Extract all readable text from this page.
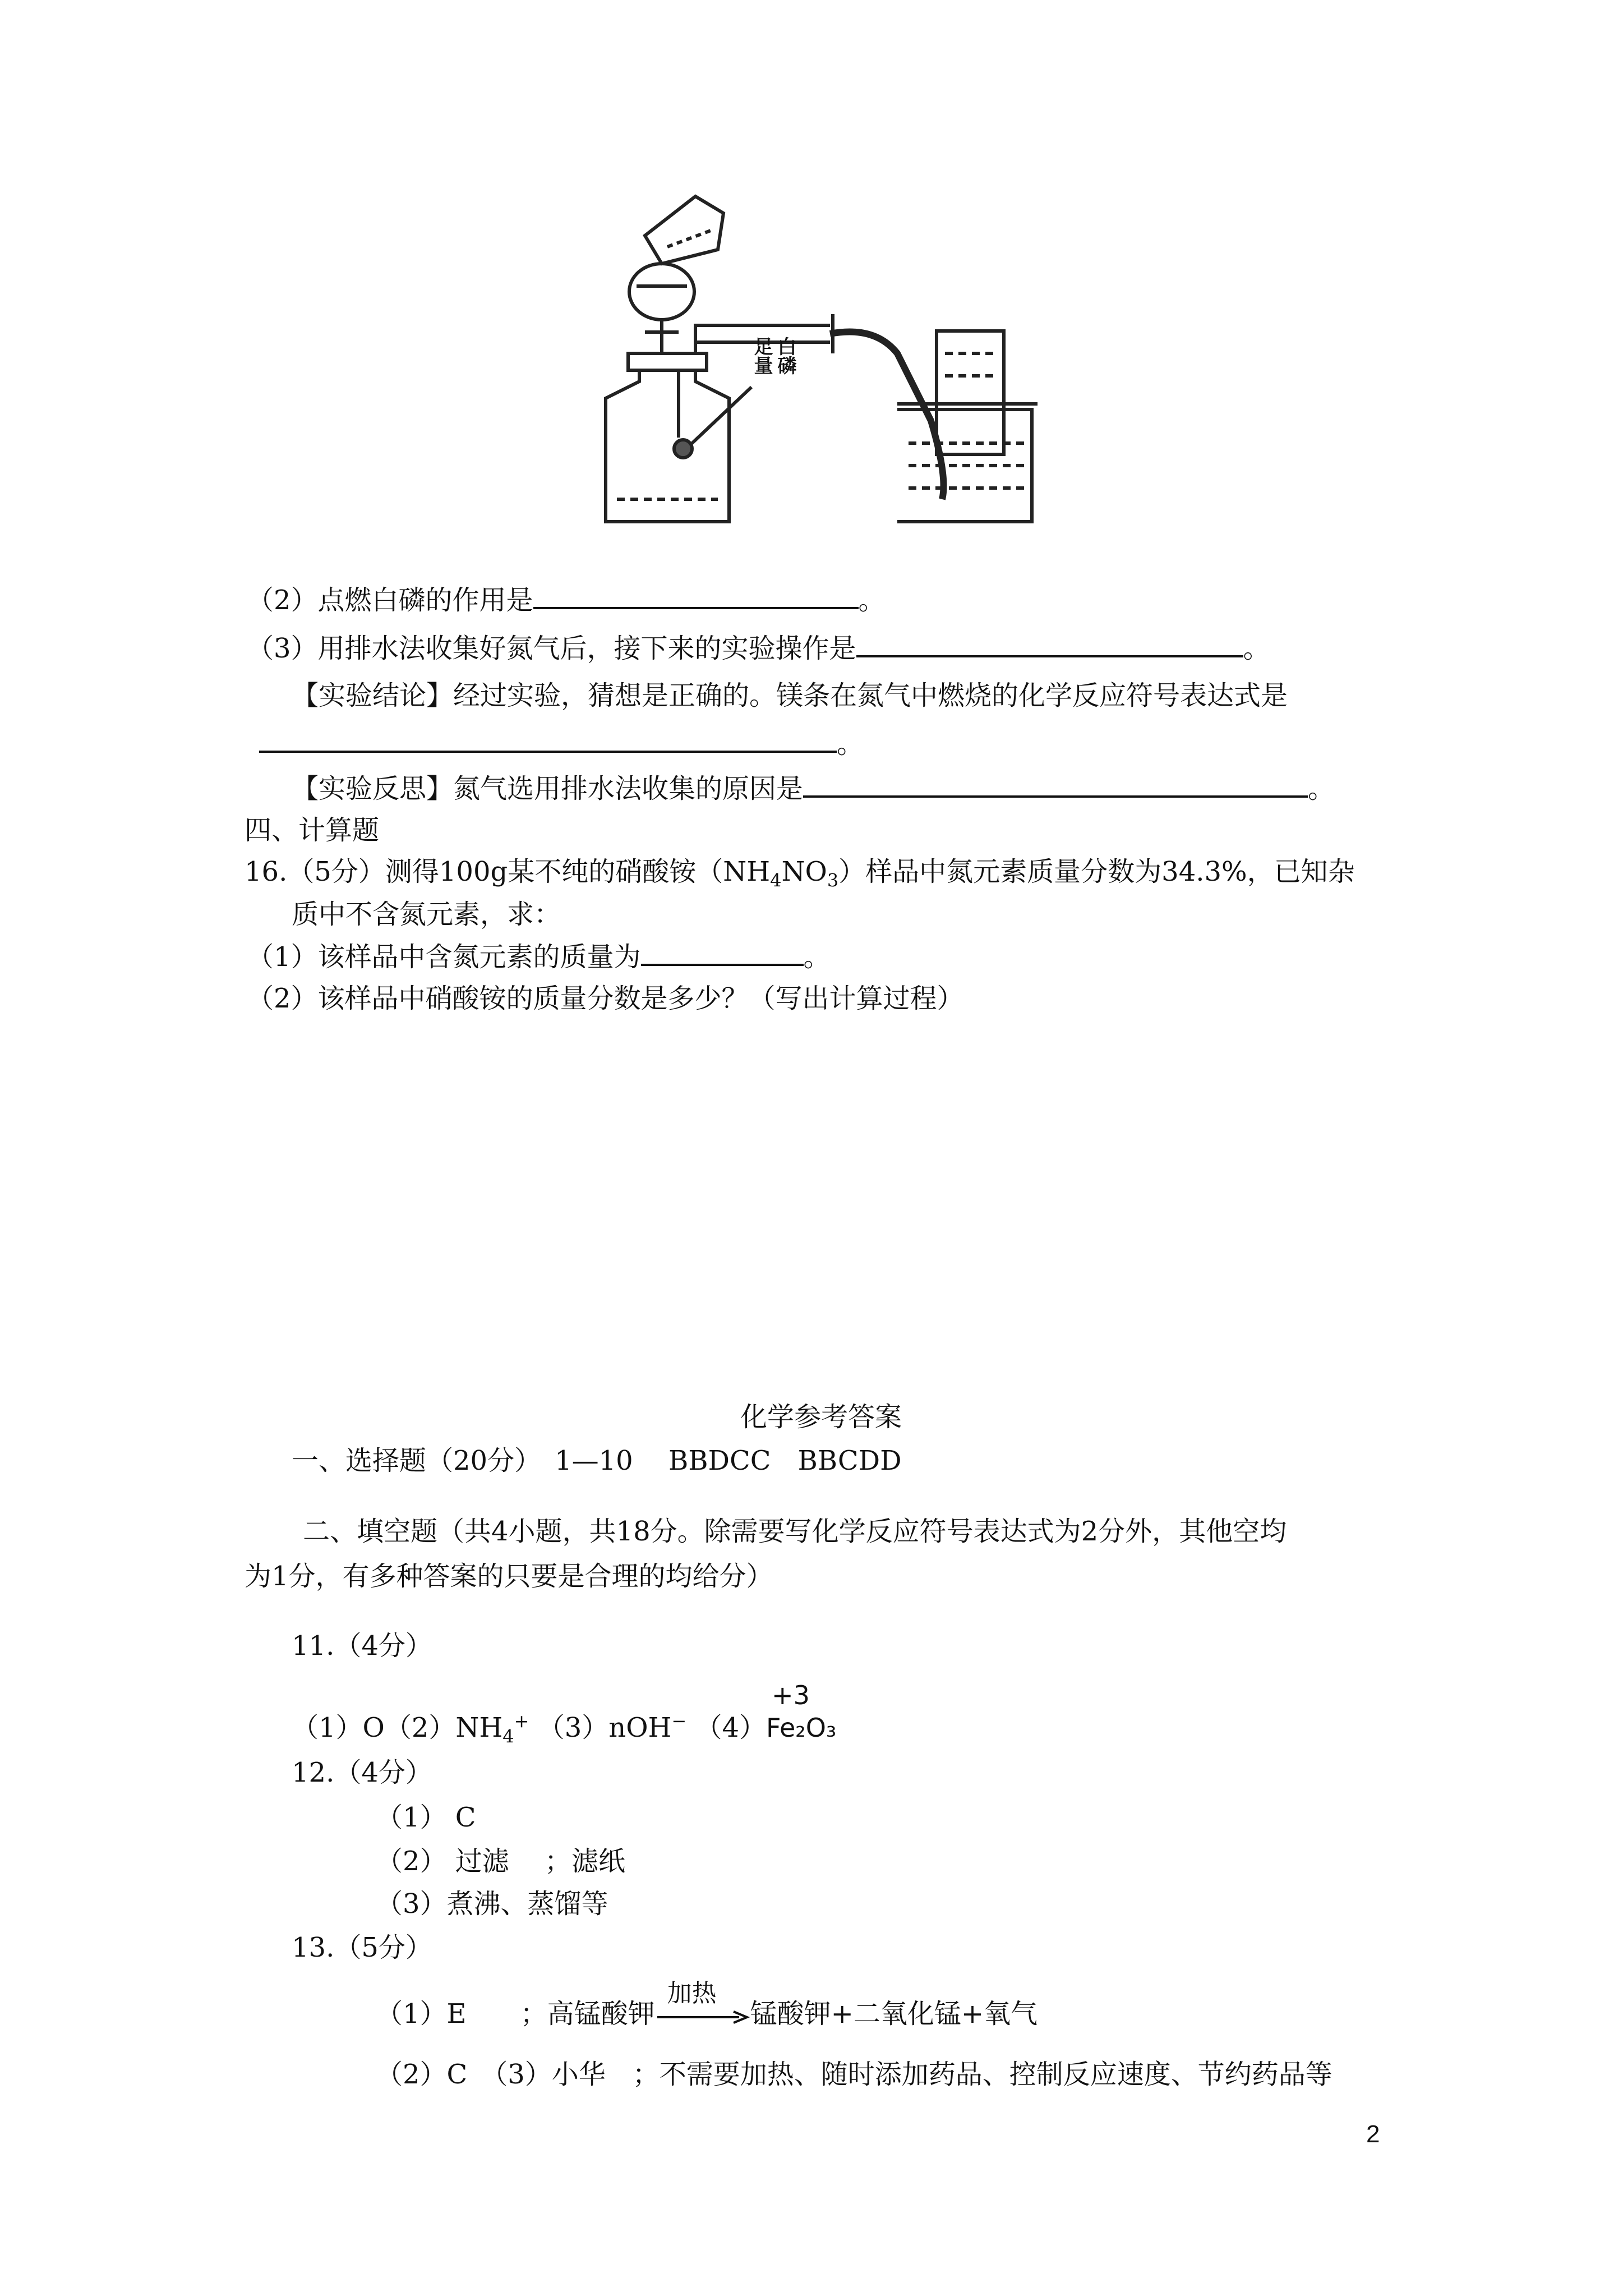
白磷
足量
（2）点燃白磷的作用是	。
（3）用排水法收集好氮气后，接下来的实验操作是	。
【实验结论】经过实验，猜想是正确的。镁条在氮气中燃烧的化学反应符号表达式是
。
【实验反思】氮气选用排水法收集的原因是	。
四、计算题
16.（5分）测得100g某不纯的硝酸铵$(NH_4NO_3)$样品中氮元素质量分数为34.3%，已知杂
质中不含氮元素，求：
（1）该样品中含氮元素的质量为	。
（2）该样品中硝酸铵的质量分数是多少？（写出计算过程）
化学参考答案
一、选择题（20分）　1—10　 BBDCC　BBCDD
二、填空题（共4小题，共18分。除需要写化学反应符号表达式为2分外，其他空均
为1分，有多种答案的只要是合理的均给分）
11.（4分）
$(1)O(2)NH_4^+$ （3）nOH− （4）
+3
Fe₂O₃
12.（4分）
（1） C
（2） 过滤　 ；滤纸
（3）煮沸、蒸馏等
13.（5分）
（1）E　　；高锰酸钾
加热
锰酸钾+二氧化锰+氧气
（2）C　（3）小华　；不需要加热、随时添加药品、控制反应速度、节约药品等
2
